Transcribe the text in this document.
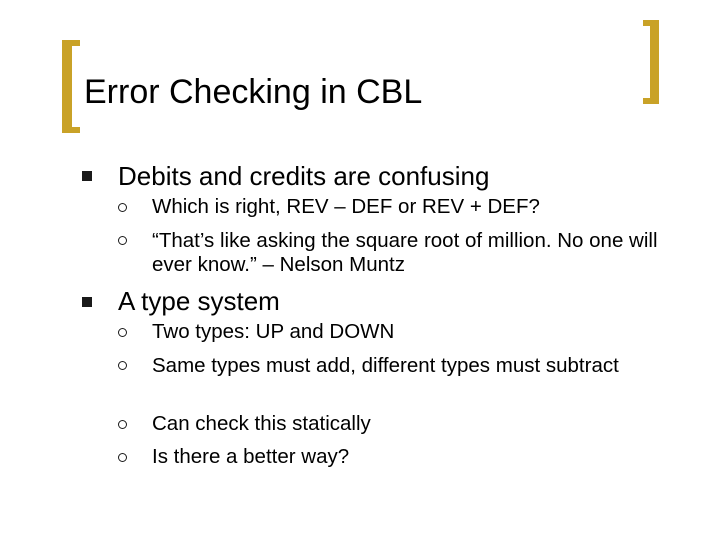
Error Checking in CBL
Debits and credits are confusing
Which is right, REV – DEF or REV + DEF?
“That’s like asking the square root of million. No one will ever know.” – Nelson Muntz
A type system
Two types: UP and DOWN
Same types must add, different types must subtract
Can check this statically
Is there a better way?
